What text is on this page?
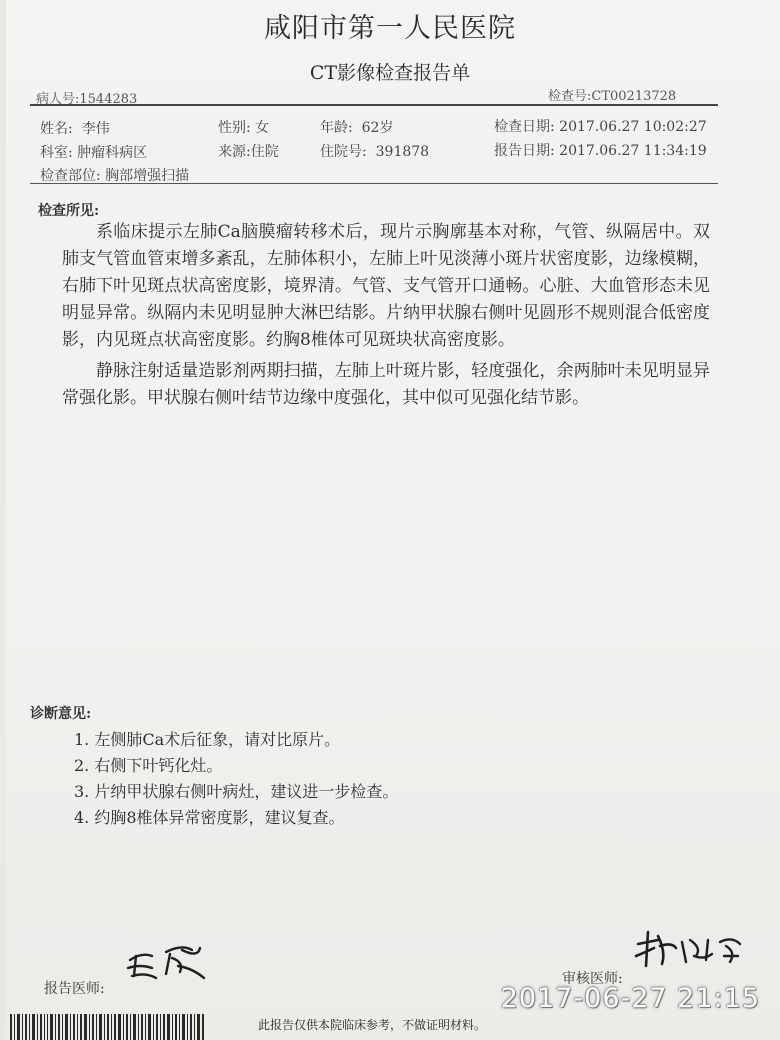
咸阳市第一人民医院
CT影像检查报告单
病人号:1544283	检查号:CT00213728
姓名: 李伟	性别: 女	年龄: 62岁	检查日期: 2017.06.27 10:02:27
科室: 肿瘤科病区	来源:住院	住院号: 391878	报告日期: 2017.06.27 11:34:19
检查部位: 胸部增强扫描
检查所见:

系临床提示左肺Ca脑膜瘤转移术后，现片示胸廓基本对称，气管、纵隔居中。双肺支气管血管束增多紊乱，左肺体积小，左肺上叶见淡薄小斑片状密度影，边缘模糊，右肺下叶见斑点状高密度影，境界清。气管、支气管开口通畅。心脏、大血管形态未见明显异常。纵隔内未见明显肿大淋巴结影。片纳甲状腺右侧叶见圆形不规则混合低密度影，内见斑点状高密度影。约胸8椎体可见斑块状高密度影。

静脉注射适量造影剂两期扫描，左肺上叶斑片影，轻度强化，余两肺叶未见明显异常强化影。甲状腺右侧叶结节边缘中度强化，其中似可见强化结节影。

诊断意见:
1. 左侧肺Ca术后征象，请对比原片。
2. 右侧下叶钙化灶。
3. 片纳甲状腺右侧叶病灶，建议进一步检查。
4. 约胸8椎体异常密度影，建议复查。
报告医师:
审核医师:
此报告仅供本院临床参考，不做证明材料。
2017-06-27 21:15
